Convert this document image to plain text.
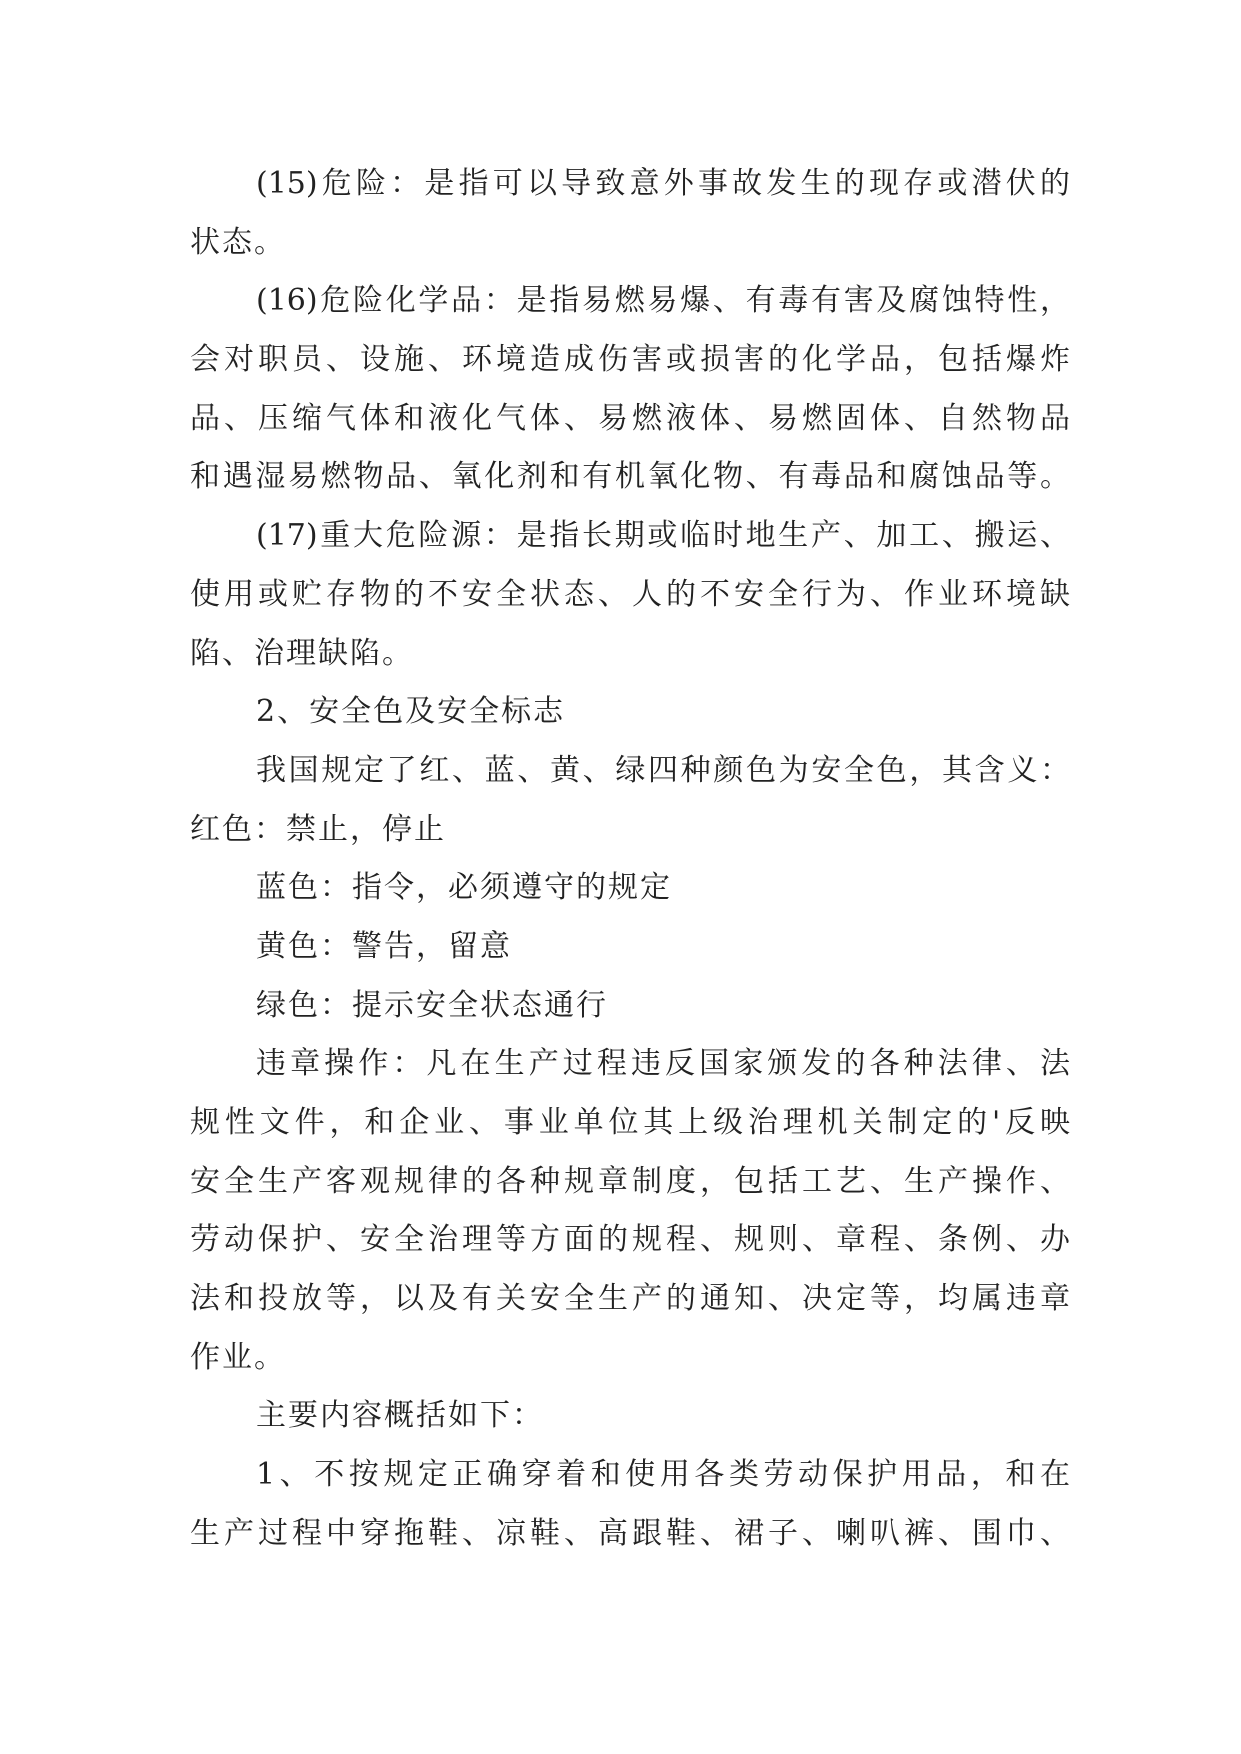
(15)危险：是指可以导致意外事故发生的现存或潜伏的
状态。
(16)危险化学品：是指易燃易爆、有毒有害及腐蚀特性，
会对职员、设施、环境造成伤害或损害的化学品，包括爆炸
品、压缩气体和液化气体、易燃液体、易燃固体、自然物品
和遇湿易燃物品、氧化剂和有机氧化物、有毒品和腐蚀品等。
(17)重大危险源：是指长期或临时地生产、加工、搬运、
使用或贮存物的不安全状态、人的不安全行为、作业环境缺
陷、治理缺陷。
2、安全色及安全标志
我国规定了红、蓝、黄、绿四种颜色为安全色，其含义：
红色：禁止，停止
蓝色：指令，必须遵守的规定
黄色：警告，留意
绿色：提示安全状态通行
违章操作：凡在生产过程违反国家颁发的各种法律、法
规性文件，和企业、事业单位其上级治理机关制定的'反映
安全生产客观规律的各种规章制度，包括工艺、生产操作、
劳动保护、安全治理等方面的规程、规则、章程、条例、办
法和投放等，以及有关安全生产的通知、决定等，均属违章
作业。
主要内容概括如下：
1、不按规定正确穿着和使用各类劳动保护用品，和在
生产过程中穿拖鞋、凉鞋、高跟鞋、裙子、喇叭裤、围巾、
